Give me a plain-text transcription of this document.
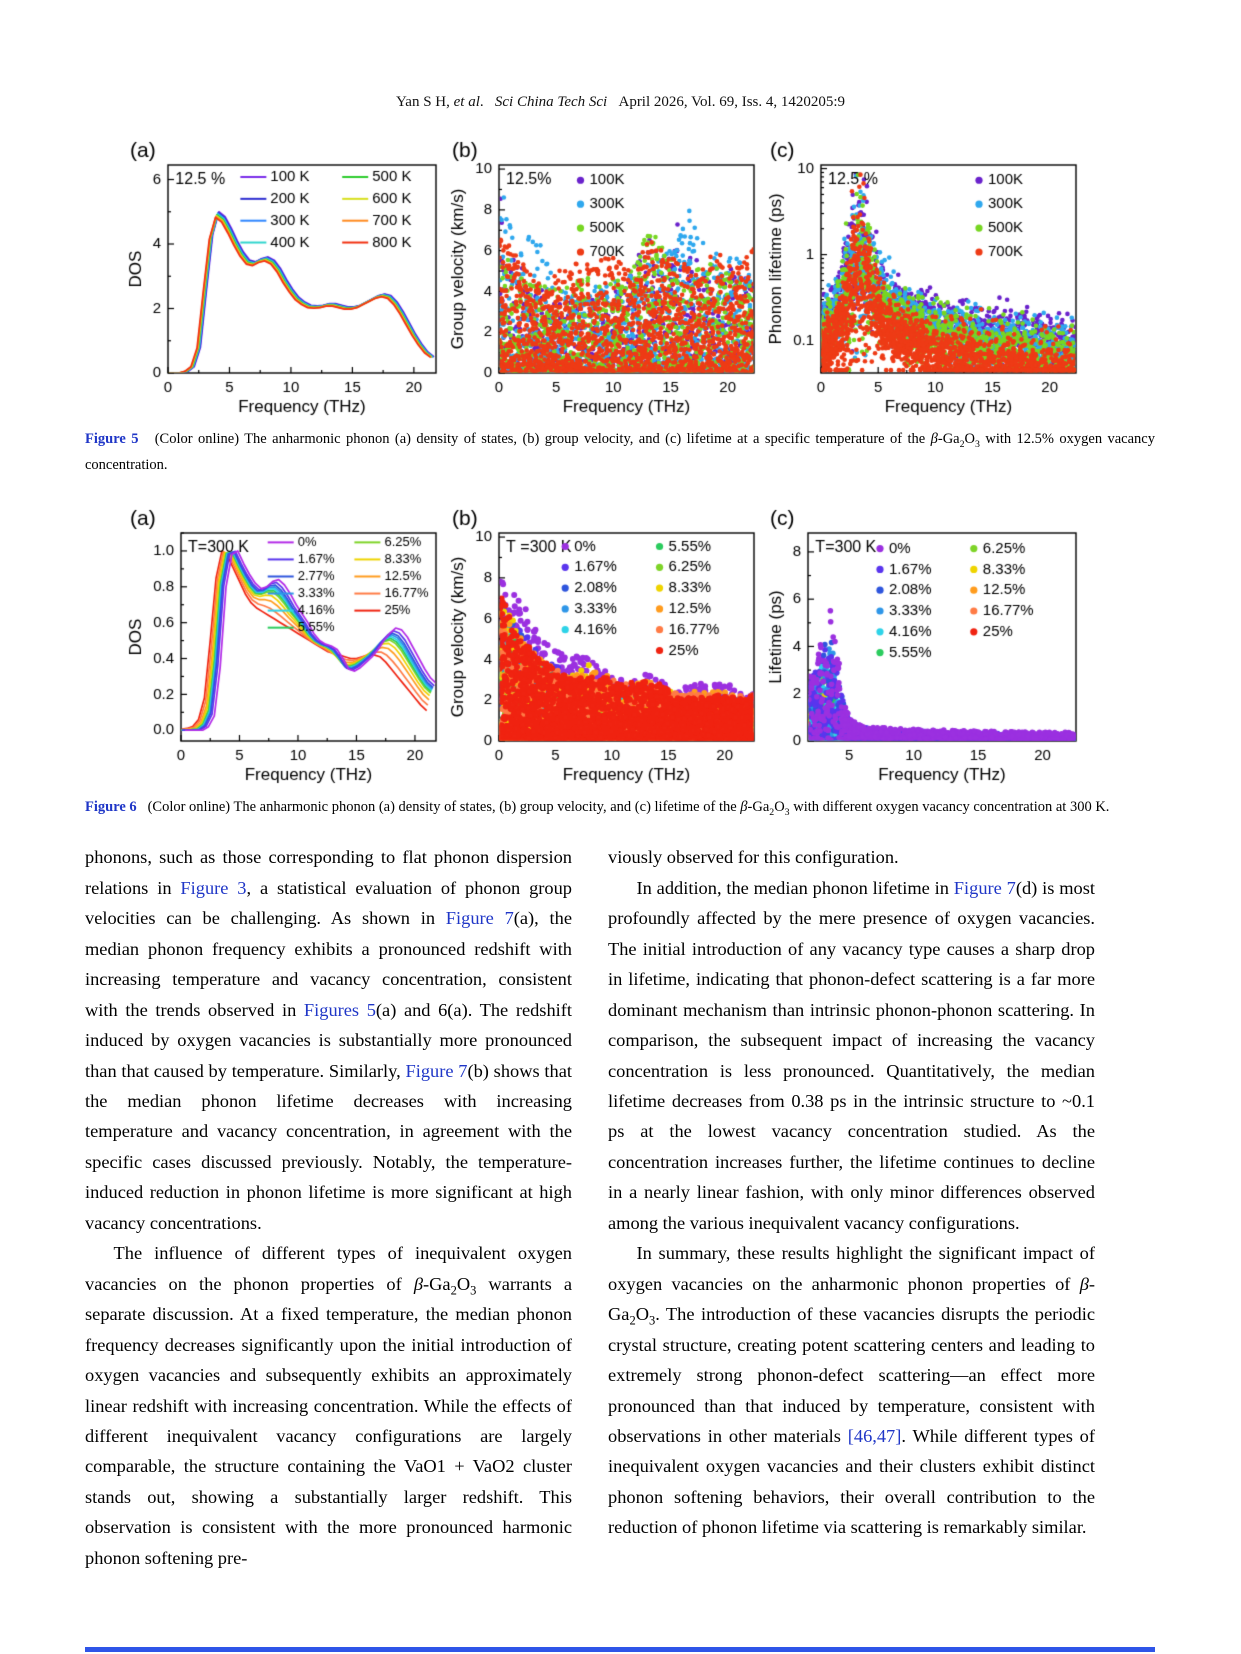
Yan S H, et al.   Sci China Tech Sci   April 2026, Vol. 69, Iss. 4, 1420205:9
Figure 5   (Color online) The anharmonic phonon (a) density of states, (b) group velocity, and (c) lifetime at a specific temperature of the $\beta-Ga_2O_3$ with 12.5% oxygen vacancy concentration.
Figure 6   (Color online) The anharmonic phonon (a) density of states, (b) group velocity, and (c) lifetime of the $\beta-Ga_2O_3$ with different oxygen vacancy concentration at 300 K.

phonons, such as those corresponding to flat phonon dispersion relations in Figure 3, a statistical evaluation of phonon group velocities can be challenging. As shown in Figure 7(a), the median phonon frequency exhibits a pronounced redshift with increasing temperature and vacancy concentration, consistent with the trends observed in Figures 5(a) and 6(a). The redshift induced by oxygen vacancies is substantially more pronounced than that caused by temperature. Similarly, Figure 7(b) shows that the median phonon lifetime decreases with increasing temperature and vacancy concentration, in agreement with the specific cases discussed previously. Notably, the temperature-induced reduction in phonon lifetime is more significant at high vacancy concentrations.

The influence of different types of inequivalent oxygen vacancies on the phonon properties of $\beta-Ga_2O_3$ warrants a separate discussion. At a fixed temperature, the median phonon frequency decreases significantly upon the initial introduction of oxygen vacancies and subsequently exhibits an approximately linear redshift with increasing concentration. While the effects of different inequivalent vacancy configurations are largely comparable, the structure containing the VaO1 + VaO2 cluster stands out, showing a substantially larger redshift. This observation is consistent with the more pronounced harmonic phonon softening pre-

viously observed for this configuration.

In addition, the median phonon lifetime in Figure 7(d) is most profoundly affected by the mere presence of oxygen vacancies. The initial introduction of any vacancy type causes a sharp drop in lifetime, indicating that phonon-defect scattering is a far more dominant mechanism than intrinsic phonon-phonon scattering. In comparison, the subsequent impact of increasing the vacancy concentration is less pronounced. Quantitatively, the median lifetime decreases from 0.38 ps in the intrinsic structure to ~0.1 ps at the lowest vacancy concentration studied. As the concentration increases further, the lifetime continues to decline in a nearly linear fashion, with only minor differences observed among the various inequivalent vacancy configurations.

In summary, these results highlight the significant impact of oxygen vacancies on the anharmonic phonon properties of $\beta-Ga_2O_3$. The introduction of these vacancies disrupts the periodic crystal structure, creating potent scattering centers and leading to extremely strong phonon-defect scattering—an effect more pronounced than that induced by temperature, consistent with observations in other materials [46,47]. While different types of inequivalent oxygen vacancies and their clusters exhibit distinct phonon softening behaviors, their overall contribution to the reduction of phonon lifetime via scattering is remarkably similar.
